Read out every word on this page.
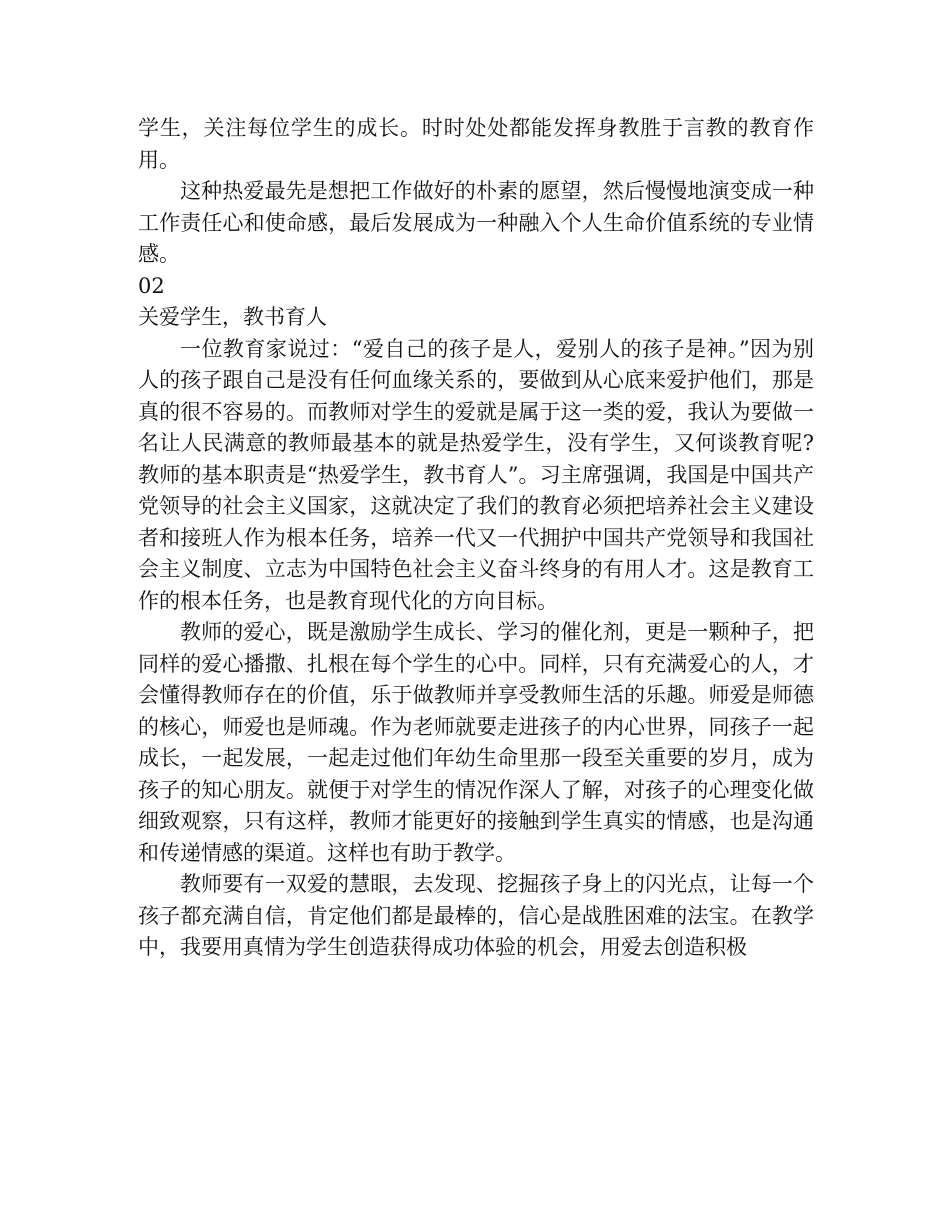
学生，关注每位学生的成长。时时处处都能发挥身教胜于言教的教育作用。

这种热爱最先是想把工作做好的朴素的愿望，然后慢慢地演变成一种工作责任心和使命感，最后发展成为一种融入个人生命价值系统的专业情感。

02

关爱学生，教书育人

一位教育家说过：“爱自己的孩子是人，爱别人的孩子是神。”因为别人的孩子跟自己是没有任何血缘关系的，要做到从心底来爱护他们，那是真的很不容易的。而教师对学生的爱就是属于这一类的爱，我认为要做一名让人民满意的教师最基本的就是热爱学生，没有学生，又何谈教育呢?教师的基本职责是“热爱学生，教书育人”。习主席强调，我国是中国共产党领导的社会主义国家，这就决定了我们的教育必须把培养社会主义建设者和接班人作为根本任务，培养一代又一代拥护中国共产党领导和我国社会主义制度、立志为中国特色社会主义奋斗终身的有用人才。这是教育工作的根本任务，也是教育现代化的方向目标。

教师的爱心，既是激励学生成长、学习的催化剂，更是一颗种子，把同样的爱心播撒、扎根在每个学生的心中。同样，只有充满爱心的人，才会懂得教师存在的价值，乐于做教师并享受教师生活的乐趣。师爱是师德的核心，师爱也是师魂。作为老师就要走进孩子的内心世界，同孩子一起成长，一起发展，一起走过他们年幼生命里那一段至关重要的岁月，成为孩子的知心朋友。就便于对学生的情况作深人了解，对孩子的心理变化做细致观察，只有这样，教师才能更好的接触到学生真实的情感，也是沟通和传递情感的渠道。这样也有助于教学。

教师要有一双爱的慧眼，去发现、挖掘孩子身上的闪光点，让每一个孩子都充满自信，肯定他们都是最棒的，信心是战胜困难的法宝。在教学中，我要用真情为学生创造获得成功体验的机会，用爱去创造积极
